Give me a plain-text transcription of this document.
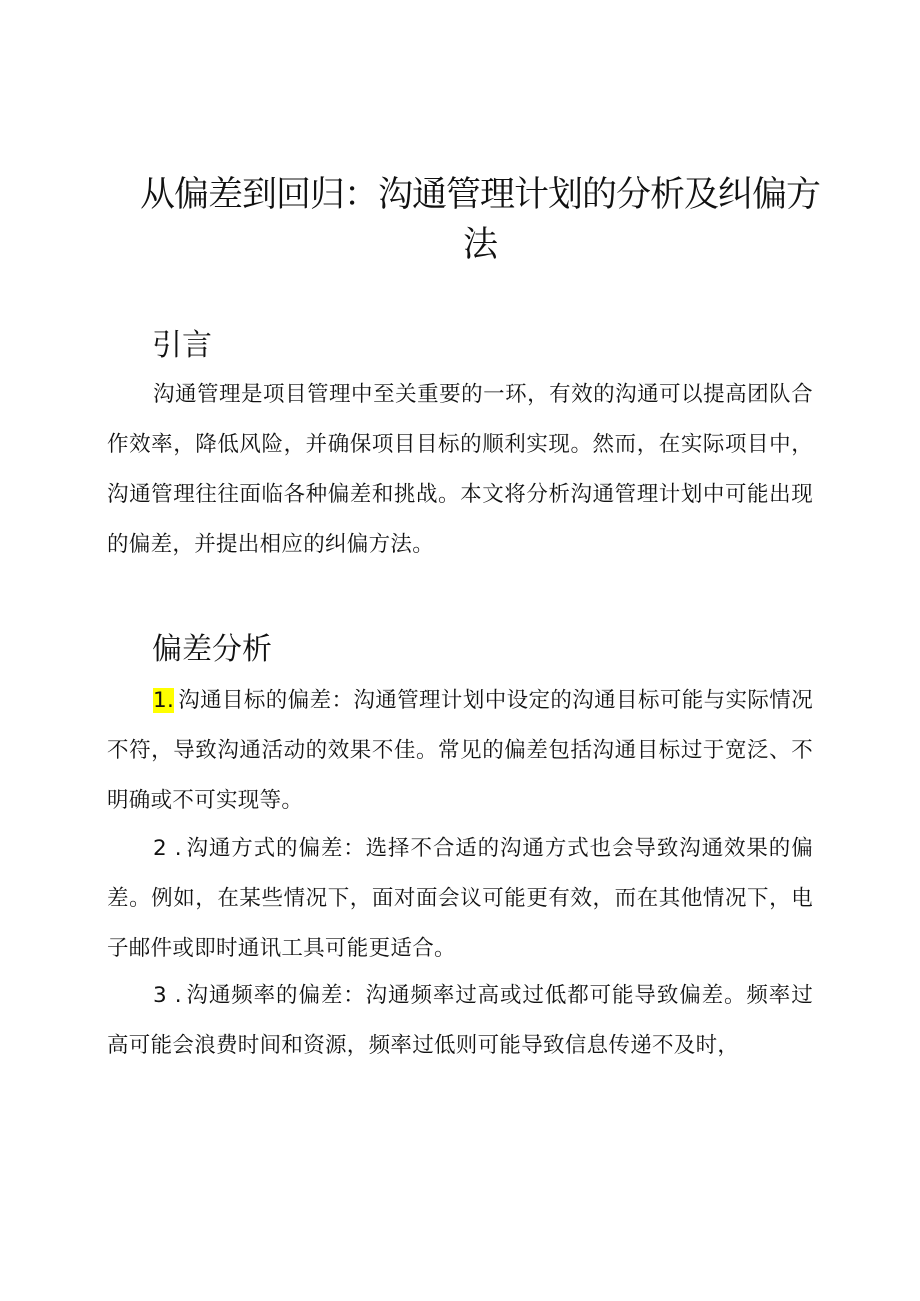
从偏差到回归：沟通管理计划的分析及纠偏方法
引言

沟通管理是项目管理中至关重要的一环，有效的沟通可以提高团队合作效率，降低风险，并确保项目目标的顺利实现。然而，在实际项目中，沟通管理往往面临各种偏差和挑战。本文将分析沟通管理计划中可能出现的偏差，并提出相应的纠偏方法。

偏差分析

1. 沟通目标的偏差：沟通管理计划中设定的沟通目标可能与实际情况不符，导致沟通活动的效果不佳。常见的偏差包括沟通目标过于宽泛、不明确或不可实现等。

2 . 沟通方式的偏差：选择不合适的沟通方式也会导致沟通效果的偏差。例如，在某些情况下，面对面会议可能更有效，而在其他情况下，电子邮件或即时通讯工具可能更适合。

3 . 沟通频率的偏差：沟通频率过高或过低都可能导致偏差。频率过高可能会浪费时间和资源，频率过低则可能导致信息传递不及时，
